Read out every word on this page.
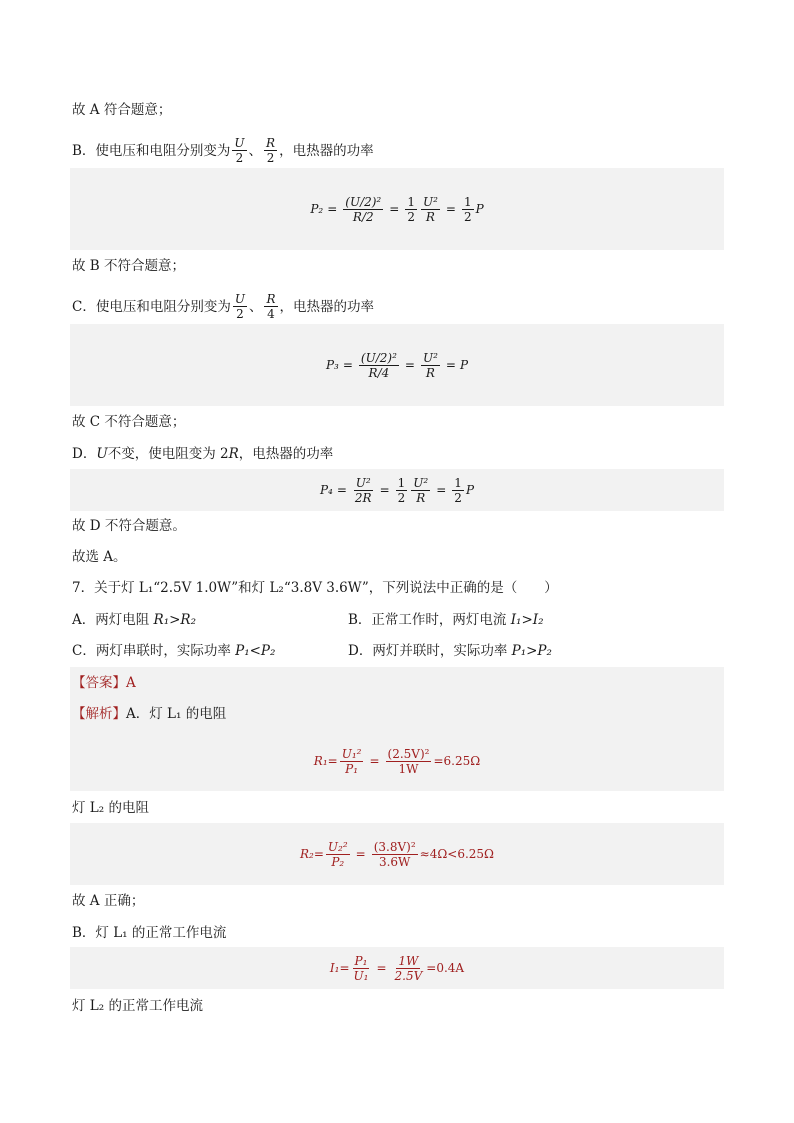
故 A 符合题意；
B．使电压和电阻分别变为 $\frac{U}{2}$ 、 $\frac{R}{2}$ ，电热器的功率
$P_2 = \frac{\text{(U/2)²}}{R/2} = \frac{1}{2} \frac{\text{U²}}{R} = \frac{1}{2}$ P
故 B 不符合题意；
C．使电压和电阻分别变为 $\frac{U}{2}$ 、 $\frac{R}{4}$ ，电热器的功率
$P_3 = \frac{\text{(U/2)²}}{R/4} = \frac{\text{U²}}{R} = P$
故 C 不符合题意；
D．U不变，使电阻变为 2R，电热器的功率
$P_4 = \frac{\text{U²}}{2R} = \frac{1}{2} \frac{\text{U²}}{R} = \frac{1}{2}$ P
故 D 不符合题意。
故选 A。
7．关于灯 L₁“2.5V 1.0W”和灯 L₂“3.8V 3.6W”，下列说法中正确的是（　　）
A．两灯电阻 R₁>R₂	B．正常工作时，两灯电流 I₁>I₂
C．两灯串联时，实际功率 P₁<P₂	D．两灯并联时，实际功率 P₁>P₂
【答案】A
【解析】A．灯 L₁ 的电阻
$R_1 = \frac{\text{U₁²}}{\text{P₁}} = \frac{\text{(2.5V)²}}{1W} =6.25\Omega$
灯 L₂ 的电阻
$R_2 = \frac{\text{U₂²}}{\text{P₂}} = \frac{\text{(3.8V)²}}{3.6W} \approx 4\Omega<6.25\Omega$
故 A 正确；
B．灯 L₁ 的正常工作电流
$I_1 = \frac{\text{P₁}}{\text{U₁}} = \frac{1W}{2.5V} =0.4A$
灯 L₂ 的正常工作电流
